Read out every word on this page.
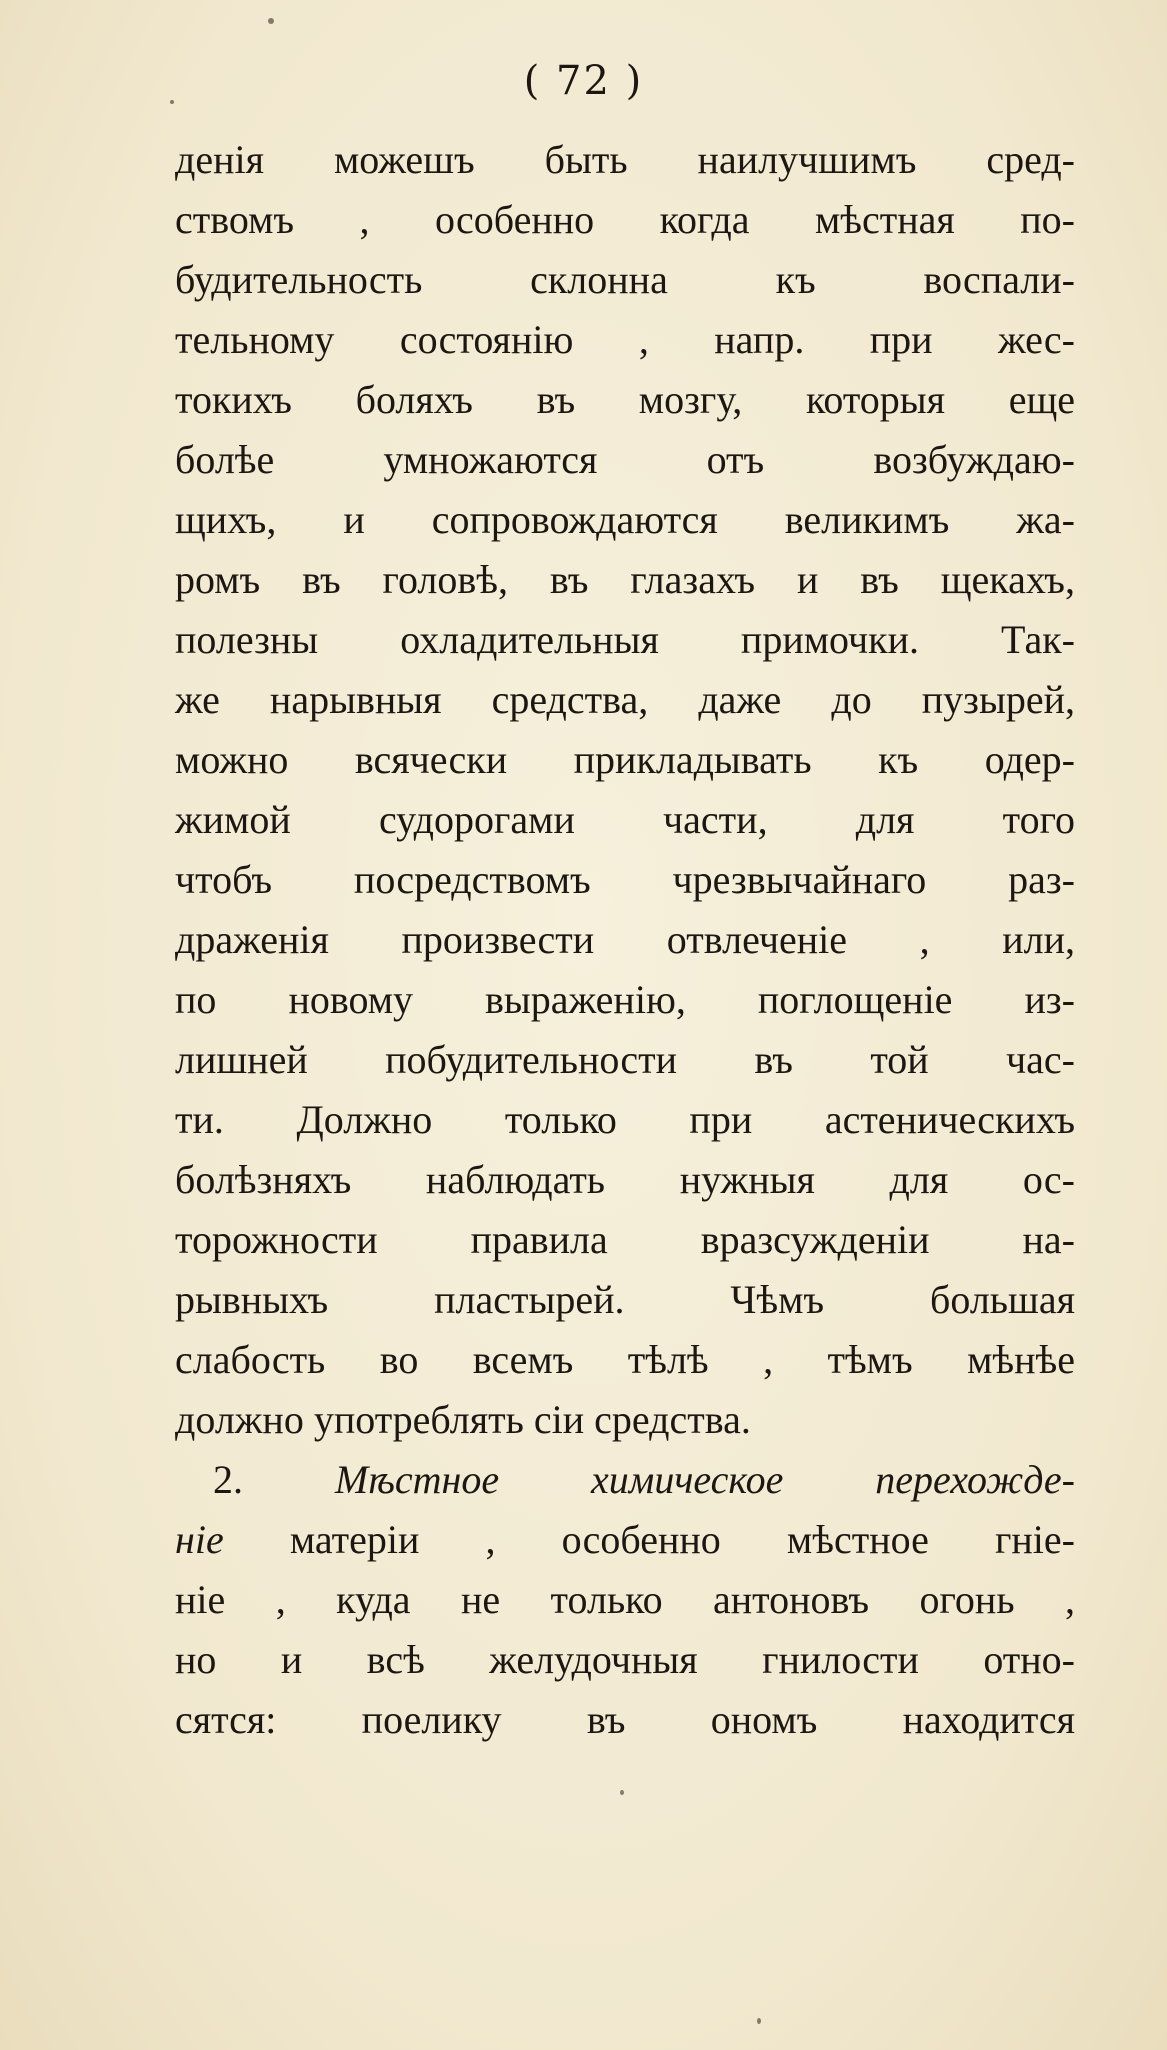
( 72 )
денія можешъ быть наилучшимъ сред-
ствомъ , особенно когда мѣстная по-
будительность склонна къ воспали-
тельному состоянію , напр. при жес-
токихъ боляхъ въ мозгу, которыя еще
болѣе умножаются отъ возбуждаю-
щихъ, и сопровождаются великимъ жа-
ромъ въ головѣ, въ глазахъ и въ щекахъ,
полезны охладительныя примочки. Так-
же нарывныя средства, даже до пузырей,
можно всячески прикладывать къ одер-
жимой судорогами части, для того
чтобъ посредствомъ чрезвычайнаго раз-
драженія произвести отвлеченіе , или,
по новому выраженію, поглощеніе из-
лишней побудительности въ той час-
ти. Должно только при астеническихъ
болѣзняхъ наблюдать нужныя для ос-
торожности правила вразсужденіи на-
рывныхъ пластырей. Чѣмъ большая
слабость во всемъ тѣлѣ , тѣмъ мѣнѣе
должно употреблять сіи средства.
2. Мѣстное химическое перехожде-
ніе матеріи , особенно мѣстное гніе-
ніе , куда не только антоновъ огонь ,
но и всѣ желудочныя гнилости отно-
сятся: поелику въ ономъ находится
